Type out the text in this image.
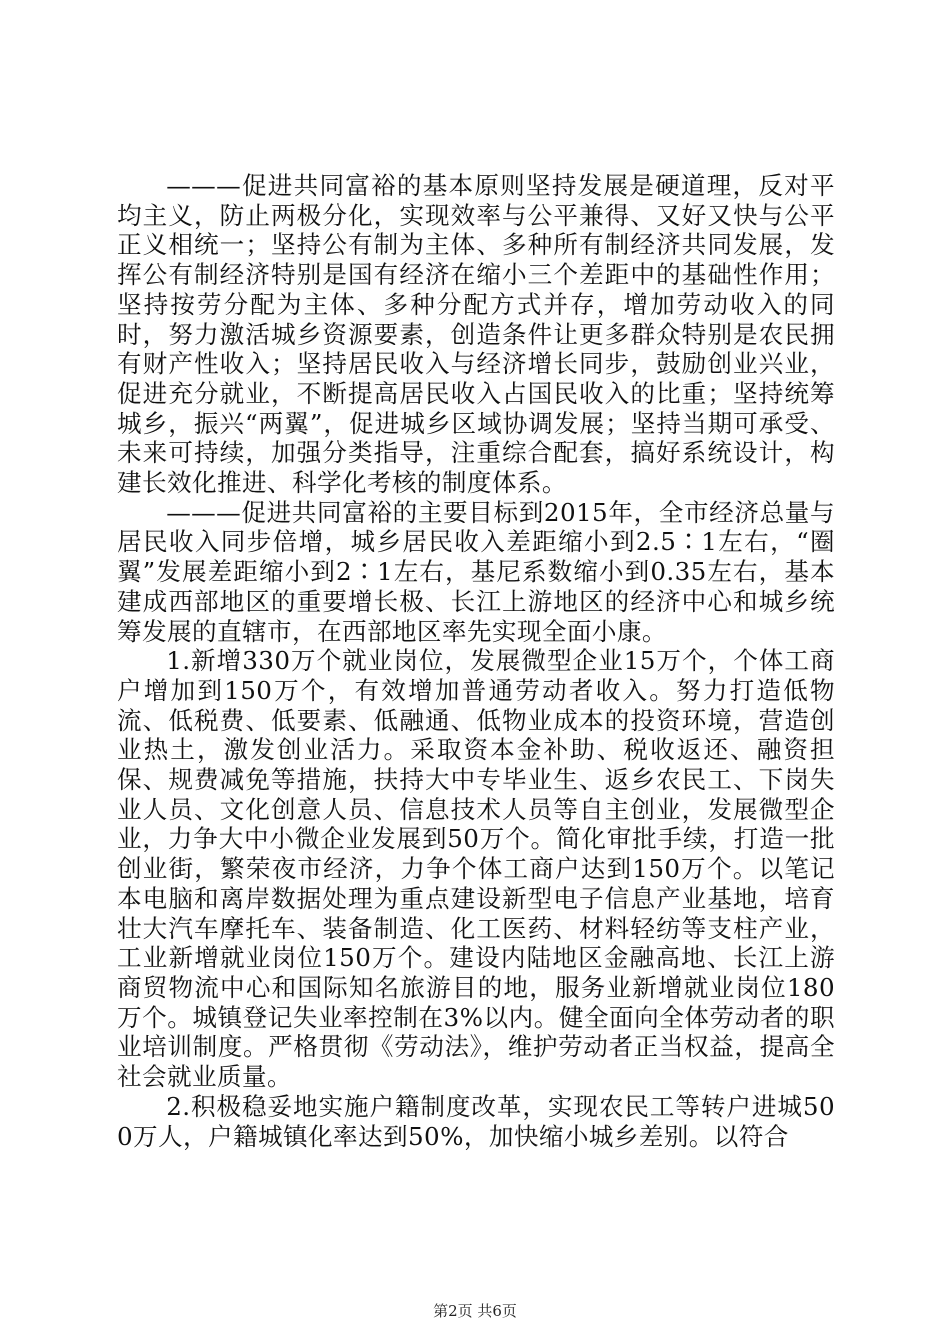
———促进共同富裕的基本原则坚持发展是硬道理，反对平均主义，防止两极分化，实现效率与公平兼得、又好又快与公平正义相统一；坚持公有制为主体、多种所有制经济共同发展，发挥公有制经济特别是国有经济在缩小三个差距中的基础性作用；坚持按劳分配为主体、多种分配方式并存，增加劳动收入的同时，努力激活城乡资源要素，创造条件让更多群众特别是农民拥有财产性收入；坚持居民收入与经济增长同步，鼓励创业兴业，促进充分就业，不断提高居民收入占国民收入的比重；坚持统筹城乡，振兴“两翼”，促进城乡区域协调发展；坚持当期可承受、未来可持续，加强分类指导，注重综合配套，搞好系统设计，构建长效化推进、科学化考核的制度体系。

———促进共同富裕的主要目标到2015年，全市经济总量与居民收入同步倍增，城乡居民收入差距缩小到2.5∶1左右，“圈翼”发展差距缩小到2∶1左右，基尼系数缩小到0.35左右，基本建成西部地区的重要增长极、长江上游地区的经济中心和城乡统筹发展的直辖市，在西部地区率先实现全面小康。

1.新增330万个就业岗位，发展微型企业15万个，个体工商户增加到150万个，有效增加普通劳动者收入。努力打造低物流、低税费、低要素、低融通、低物业成本的投资环境，营造创业热土，激发创业活力。采取资本金补助、税收返还、融资担保、规费减免等措施，扶持大中专毕业生、返乡农民工、下岗失业人员、文化创意人员、信息技术人员等自主创业，发展微型企业，力争大中小微企业发展到50万个。简化审批手续，打造一批创业街，繁荣夜市经济，力争个体工商户达到150万个。以笔记本电脑和离岸数据处理为重点建设新型电子信息产业基地，培育壮大汽车摩托车、装备制造、化工医药、材料轻纺等支柱产业，工业新增就业岗位150万个。建设内陆地区金融高地、长江上游商贸物流中心和国际知名旅游目的地，服务业新增就业岗位180万个。城镇登记失业率控制在3%以内。健全面向全体劳动者的职业培训制度。严格贯彻《劳动法》，维护劳动者正当权益，提高全社会就业质量。

2.积极稳妥地实施户籍制度改革，实现农民工等转户进城500万人，户籍城镇化率达到50%，加快缩小城乡差别。以符合

第2页 共6页
